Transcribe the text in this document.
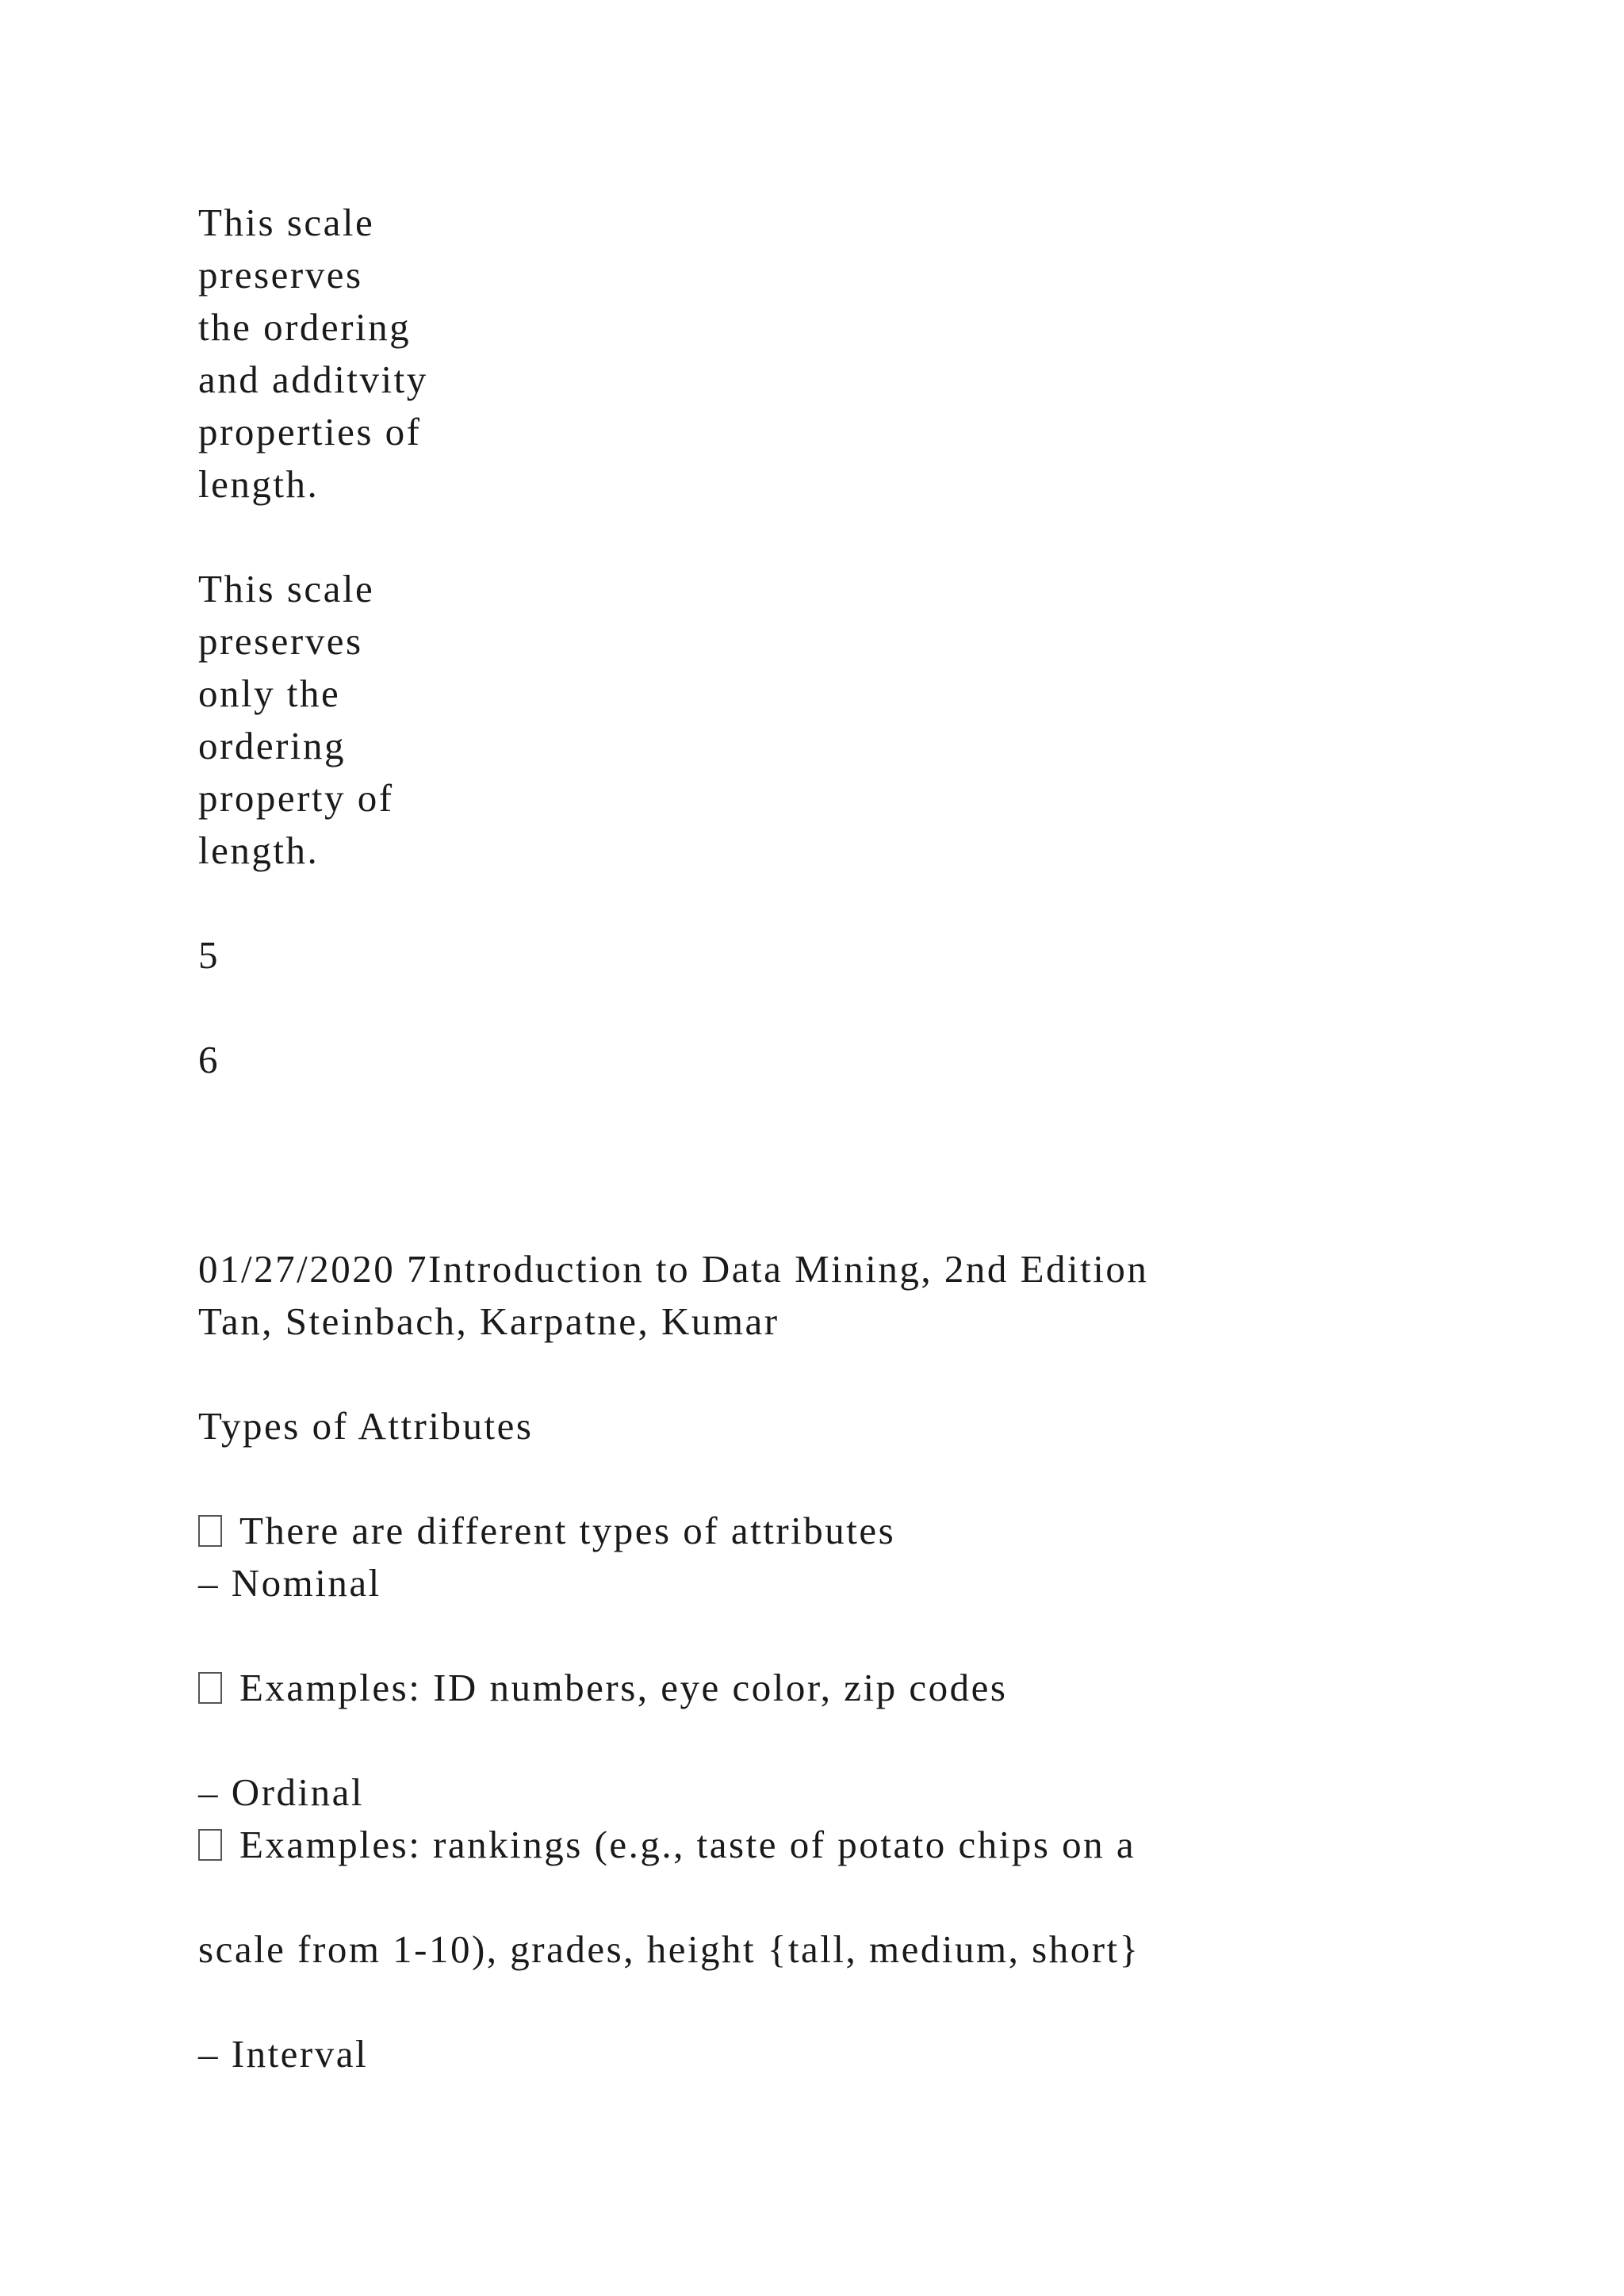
This scale
preserves
the ordering
and additvity
properties of
length.
This scale
preserves
only the
ordering
property of
length.
5
6
01/27/2020 7Introduction to Data Mining, 2nd Edition
Tan, Steinbach, Karpatne, Kumar
Types of Attributes
There are different types of attributes
– Nominal
Examples: ID numbers, eye color, zip codes
– Ordinal
Examples: rankings (e.g., taste of potato chips on a
scale from 1-10), grades, height {tall, medium, short}
– Interval
